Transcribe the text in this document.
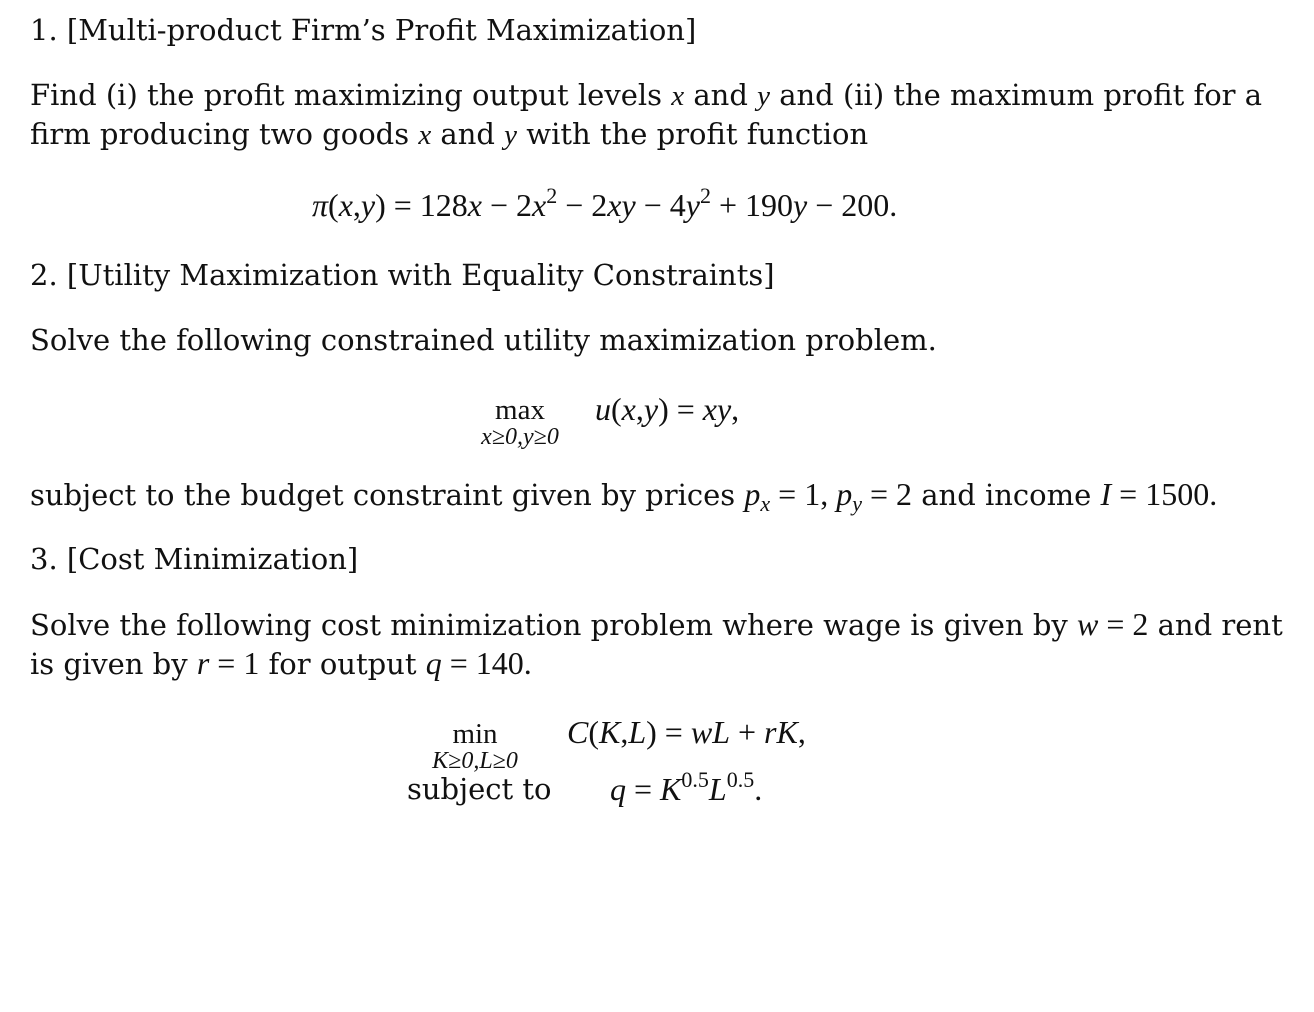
1. [Multi-product Firm’s Profit Maximization]
Find (i) the profit maximizing output levels x and y and (ii) the maximum profit for a
firm producing two goods x and y with the profit function
$\pi(x,y) = 128x - 2x^2 - 2xy - 4y^2 + 190y - 200$.
2. [Utility Maximization with Equality Constraints]
Solve the following constrained utility maximization problem.
max
x≥0,y≥0
u(x,y) = xy,
subject to the budget constraint given by prices $p_x = 1$, $p_y = 2$ and income I = 1500.
3. [Cost Minimization]
Solve the following cost minimization problem where wage is given by w = 2 and rent
is given by r = 1 for output q = 140.
min
K≥0,L≥0
C(K,L) = wL + rK,
subject to $q = K^{0.5}L^{0.5}$.
